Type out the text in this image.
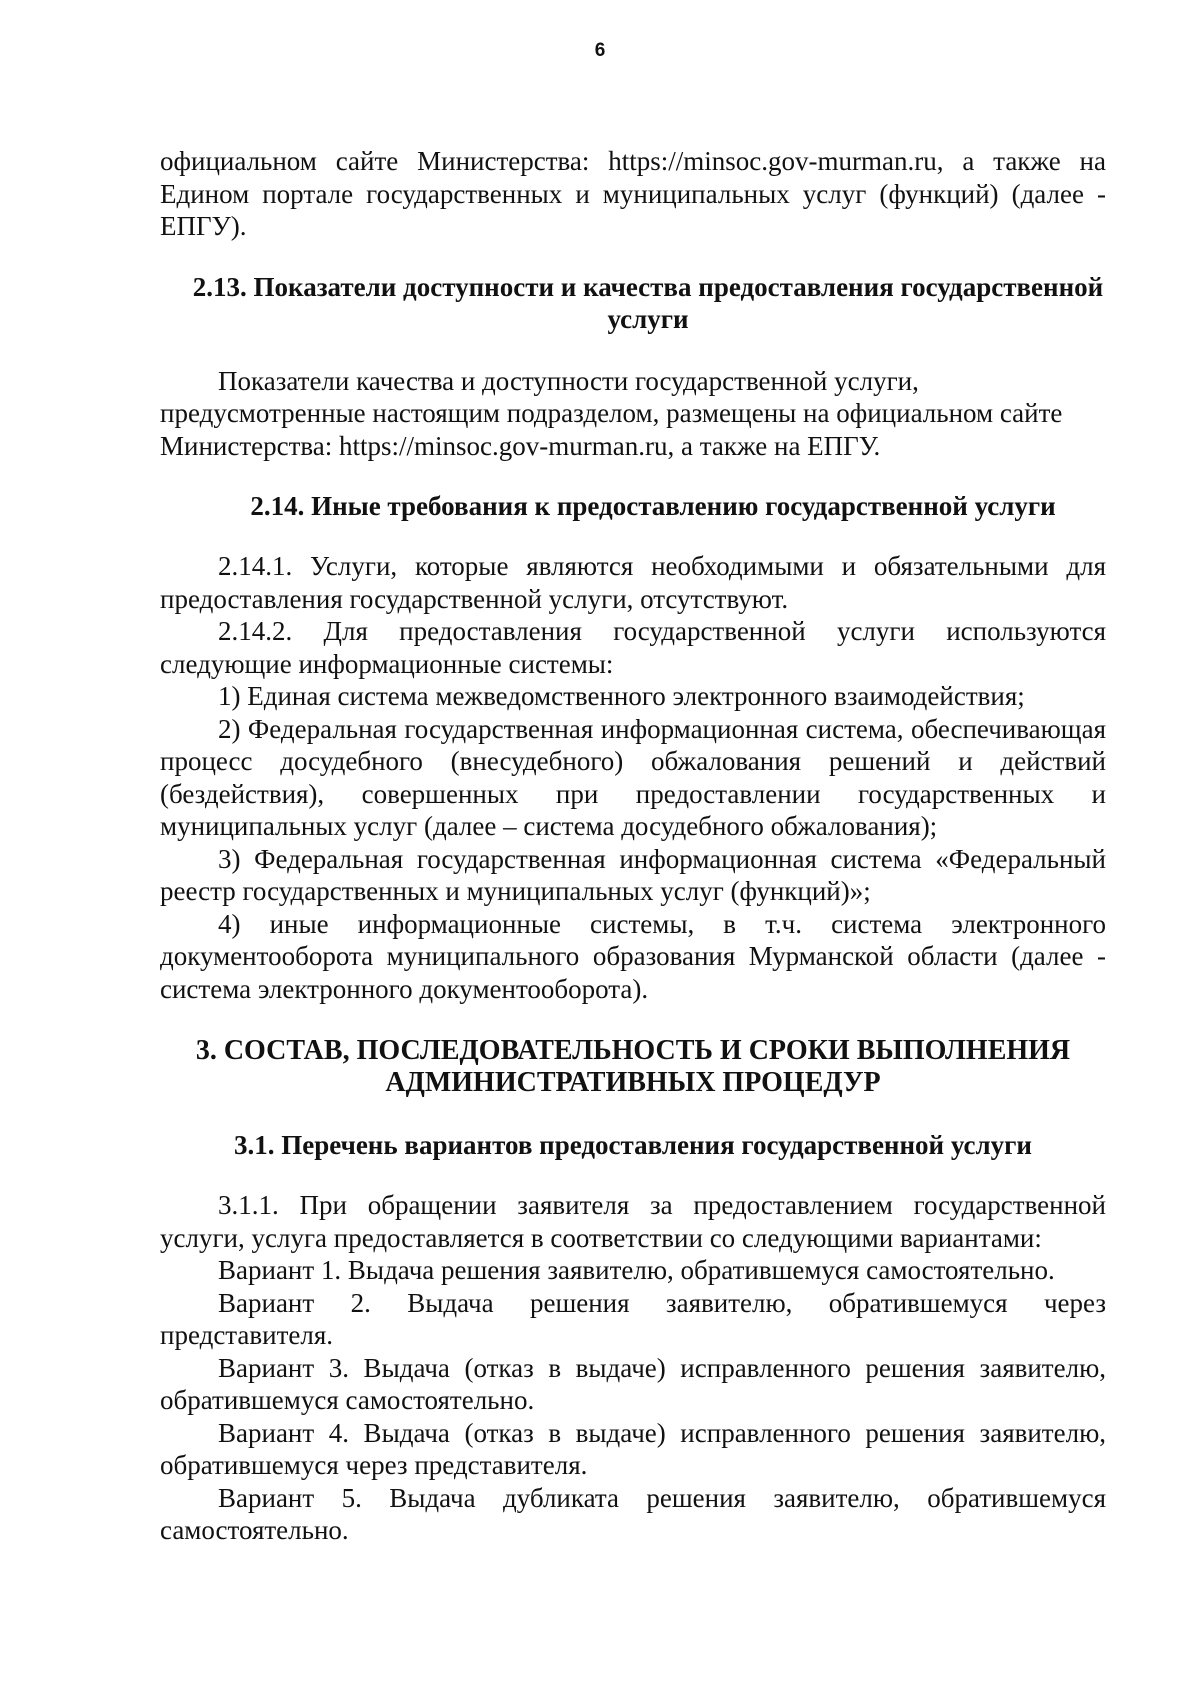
6

официальном сайте Министерства: https://minsoc.gov-murman.ru, а также на Едином портале государственных и муниципальных услуг (функций) (далее - ЕПГУ).

2.13. Показатели доступности и качества предоставления государственной услуги

Показатели качества и доступности государственной услуги, предусмотренные настоящим подразделом, размещены на официальном сайте Министерства: https://minsoc.gov-murman.ru, а также на ЕПГУ.

2.14. Иные требования к предоставлению государственной услуги

2.14.1. Услуги, которые являются необходимыми и обязательными для предоставления государственной услуги, отсутствуют.

2.14.2. Для предоставления государственной услуги используются следующие информационные системы:

1) Единая система межведомственного электронного взаимодействия;

2) Федеральная государственная информационная система, обеспечивающая процесс досудебного (внесудебного) обжалования решений и действий (бездействия), совершенных при предоставлении государственных и муниципальных услуг (далее – система досудебного обжалования);

3) Федеральная государственная информационная система «Федеральный реестр государственных и муниципальных услуг (функций)»;

4) иные информационные системы, в т.ч. система электронного документооборота муниципального образования Мурманской области (далее - система электронного документооборота).

3. СОСТАВ, ПОСЛЕДОВАТЕЛЬНОСТЬ И СРОКИ ВЫПОЛНЕНИЯ АДМИНИСТРАТИВНЫХ ПРОЦЕДУР
3.1. Перечень вариантов предоставления государственной услуги

3.1.1. При обращении заявителя за предоставлением государственной услуги, услуга предоставляется в соответствии со следующими вариантами:

Вариант 1. Выдача решения заявителю, обратившемуся самостоятельно.

Вариант 2. Выдача решения заявителю, обратившемуся через представителя.

Вариант 3. Выдача (отказ в выдаче) исправленного решения заявителю, обратившемуся самостоятельно.

Вариант 4. Выдача (отказ в выдаче) исправленного решения заявителю, обратившемуся через представителя.

Вариант 5. Выдача дубликата решения заявителю, обратившемуся самостоятельно.
